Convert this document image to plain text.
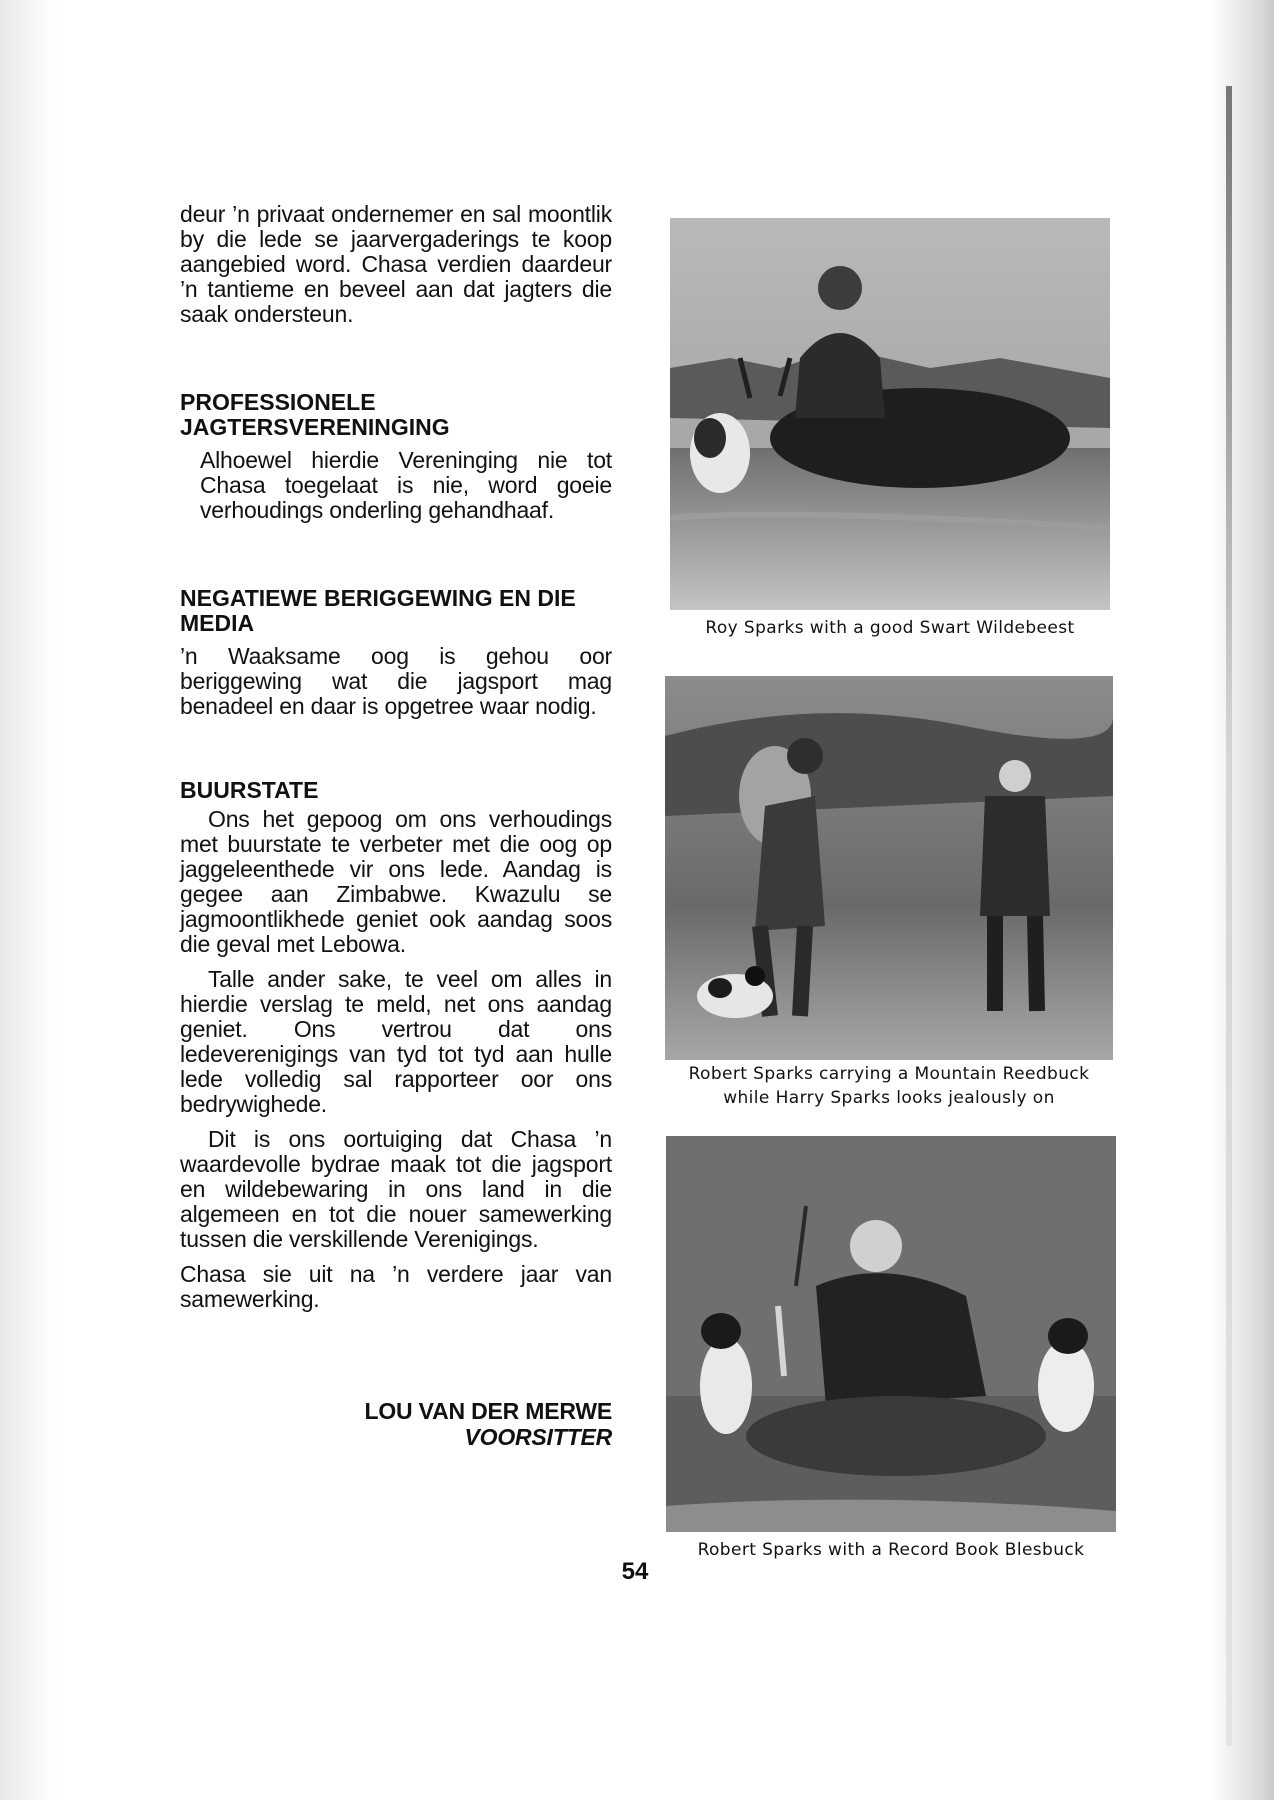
deur ’n privaat ondernemer en sal moontlik by die lede se jaarvergaderings te koop aangebied word. Chasa verdien daardeur ’n tantieme en beveel aan dat jagters die saak ondersteun.

PROFESSIONELE JAGTERSVERENINGING

Alhoewel hierdie Vereninging nie tot Chasa toegelaat is nie, word goeie verhoudings onderling gehandhaaf.

NEGATIEWE BERIGGEWING EN DIE MEDIA

’n Waaksame oog is gehou oor beriggewing wat die jagsport mag benadeel en daar is opgetree waar nodig.

BUURSTATE

Ons het gepoog om ons verhoudings met buurstate te verbeter met die oog op jaggeleenthede vir ons lede. Aandag is gegee aan Zimbabwe. Kwazulu se jagmoontlikhede geniet ook aandag soos die geval met Lebowa.

Talle ander sake, te veel om alles in hierdie verslag te meld, net ons aandag geniet. Ons vertrou dat ons ledeverenigings van tyd tot tyd aan hulle lede volledig sal rapporteer oor ons bedrywighede.

Dit is ons oortuiging dat Chasa ’n waardevolle bydrae maak tot die jagsport en wildebewaring in ons land in die algemeen en tot die nouer samewerking tussen die verskillende Verenigings.

Chasa sie uit na ’n verdere jaar van samewerking.

LOU VAN DER MERWE
VOORSITTER
Roy Sparks with a good Swart Wildebeest
Robert Sparks carrying a Mountain Reedbuck
while Harry Sparks looks jealously on
Robert Sparks with a Record Book Blesbuck
54
